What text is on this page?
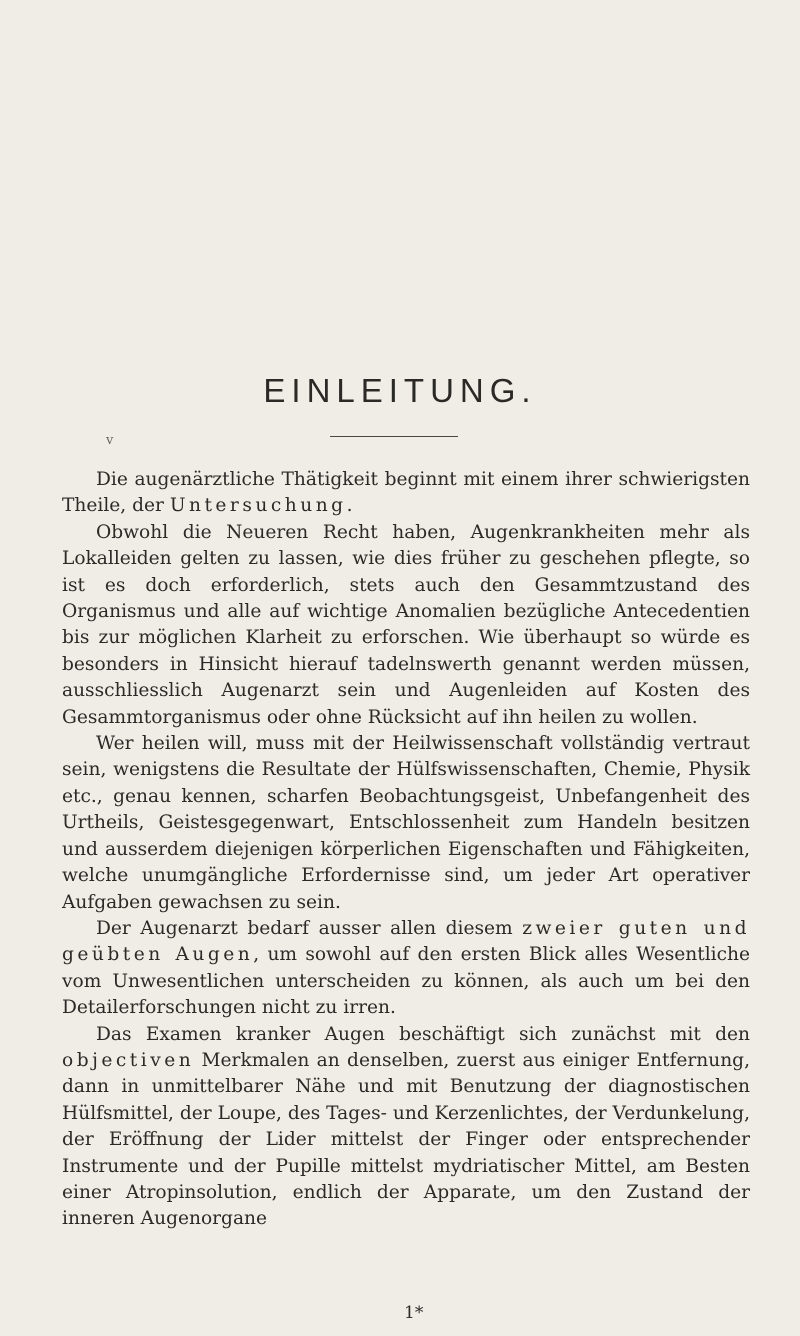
EINLEITUNG.
v

Die augenärztliche Thätigkeit beginnt mit einem ihrer schwierigsten Theile, der Untersuchung.

Obwohl die Neueren Recht haben, Augenkrankheiten mehr als Lokalleiden gelten zu lassen, wie dies früher zu geschehen pflegte, so ist es doch erforderlich, stets auch den Gesammtzustand des Organismus und alle auf wichtige Anomalien bezügliche Antecedentien bis zur möglichen Klarheit zu erforschen. Wie überhaupt so würde es besonders in Hinsicht hierauf tadelnswerth genannt werden müssen, ausschliesslich Augenarzt sein und Augenleiden auf Kosten des Gesammtorganismus oder ohne Rücksicht auf ihn heilen zu wollen.

Wer heilen will, muss mit der Heilwissenschaft vollständig vertraut sein, wenigstens die Resultate der Hülfswissenschaften, Chemie, Physik etc., genau kennen, scharfen Beobachtungsgeist, Unbefangenheit des Urtheils, Geistesgegenwart, Entschlossenheit zum Handeln besitzen und ausserdem diejenigen körperlichen Eigenschaften und Fähigkeiten, welche unumgängliche Erfordernisse sind, um jeder Art operativer Aufgaben gewachsen zu sein.

Der Augenarzt bedarf ausser allen diesem zweier guten und geübten Augen, um sowohl auf den ersten Blick alles Wesentliche vom Unwesentlichen unterscheiden zu können, als auch um bei den Detailerforschungen nicht zu irren.

Das Examen kranker Augen beschäftigt sich zunächst mit den objectiven Merkmalen an denselben, zuerst aus einiger Entfernung, dann in unmittelbarer Nähe und mit Benutzung der diagnostischen Hülfsmittel, der Loupe, des Tages- und Kerzenlichtes, der Verdunkelung, der Eröffnung der Lider mittelst der Finger oder entsprechender Instrumente und der Pupille mittelst mydriatischer Mittel, am Besten einer Atropinsolution, endlich der Apparate, um den Zustand der inneren Augenorgane

1*
